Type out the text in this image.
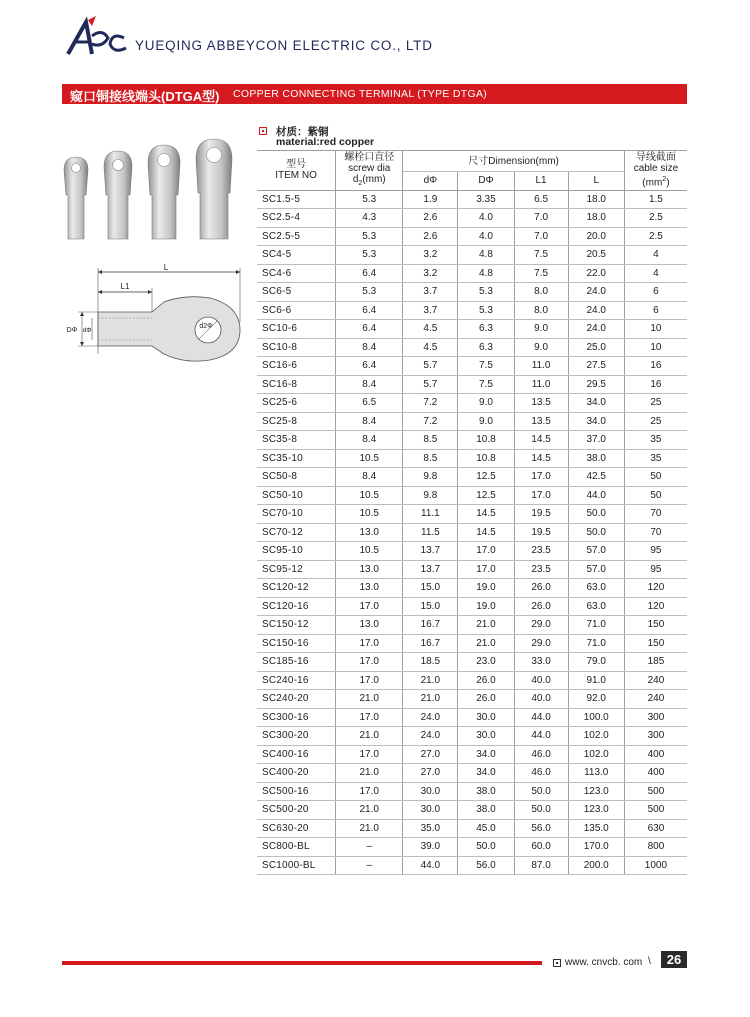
YUEQING ABBEYCON ELECTRIC CO., LTD
窥口铜接线端头(DTGA型) COPPER CONNECTING TERMINAL (TYPE DTGA)
材质：紫铜
material:red copper
L
L1
d2Φ
DΦ dΦ
型号
ITEM NO	螺栓口直径
screw dia
$d_2(mm)$	尺寸Dimension(mm)				导线截面
cable size
$(mm^2)$
		dΦ	DΦ	L1	L	
SC1.5-5	5.3	1.9	3.35	6.5	18.0	1.5
SC2.5-4	4.3	2.6	4.0	7.0	18.0	2.5
SC2.5-5	5.3	2.6	4.0	7.0	20.0	2.5
SC4-5	5.3	3.2	4.8	7.5	20.5	4
SC4-6	6.4	3.2	4.8	7.5	22.0	4
SC6-5	5.3	3.7	5.3	8.0	24.0	6
SC6-6	6.4	3.7	5.3	8.0	24.0	6
SC10-6	6.4	4.5	6.3	9.0	24.0	10
SC10-8	8.4	4.5	6.3	9.0	25.0	10
SC16-6	6.4	5.7	7.5	11.0	27.5	16
SC16-8	8.4	5.7	7.5	11.0	29.5	16
SC25-6	6.5	7.2	9.0	13.5	34.0	25
SC25-8	8.4	7.2	9.0	13.5	34.0	25
SC35-8	8.4	8.5	10.8	14.5	37.0	35
SC35-10	10.5	8.5	10.8	14.5	38.0	35
SC50-8	8.4	9.8	12.5	17.0	42.5	50
SC50-10	10.5	9.8	12.5	17.0	44.0	50
SC70-10	10.5	11.1	14.5	19.5	50.0	70
SC70-12	13.0	11.5	14.5	19.5	50.0	70
SC95-10	10.5	13.7	17.0	23.5	57.0	95
SC95-12	13.0	13.7	17.0	23.5	57.0	95
SC120-12	13.0	15.0	19.0	26.0	63.0	120
SC120-16	17.0	15.0	19.0	26.0	63.0	120
SC150-12	13.0	16.7	21.0	29.0	71.0	150
SC150-16	17.0	16.7	21.0	29.0	71.0	150
SC185-16	17.0	18.5	23.0	33.0	79.0	185
SC240-16	17.0	21.0	26.0	40.0	91.0	240
SC240-20	21.0	21.0	26.0	40.0	92.0	240
SC300-16	17.0	24.0	30.0	44.0	100.0	300
SC300-20	21.0	24.0	30.0	44.0	102.0	300
SC400-16	17.0	27.0	34.0	46.0	102.0	400
SC400-20	21.0	27.0	34.0	46.0	113.0	400
SC500-16	17.0	30.0	38.0	50.0	123.0	500
SC500-20	21.0	30.0	38.0	50.0	123.0	500
SC630-20	21.0	35.0	45.0	56.0	135.0	630
SC800-BL	–	39.0	50.0	60.0	170.0	800
SC1000-BL	–	44.0	56.0	87.0	200.0	1000
www. cnvcb. com \	26
